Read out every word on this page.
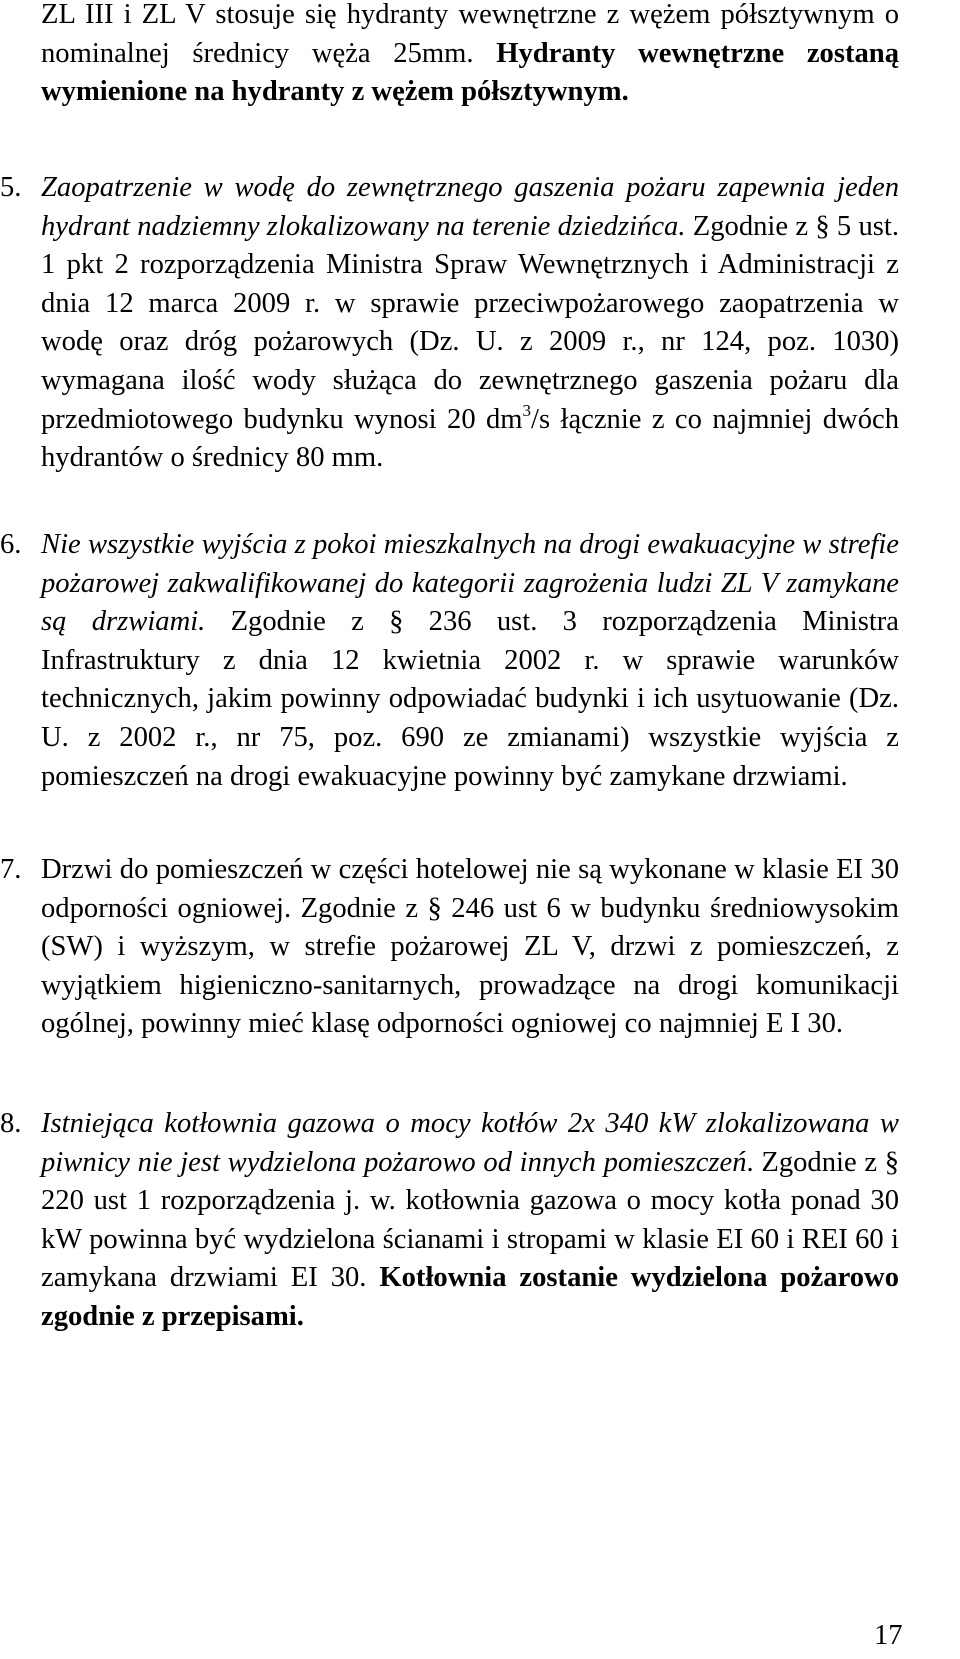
ZL III i ZL V stosuje się hydranty wewnętrzne z wężem półsztywnym o nominalnej średnicy węża 25mm. Hydranty wewnętrzne zostaną wymienione na hydranty z wężem półsztywnym.

5. Zaopatrzenie w wodę do zewnętrznego gaszenia pożaru zapewnia jeden hydrant nadziemny zlokalizowany na terenie dziedzińca. Zgodnie z § 5 ust. 1 pkt 2 rozporządzenia Ministra Spraw Wewnętrznych i Administracji z dnia 12 marca 2009 r. w sprawie przeciwpożarowego zaopatrzenia w wodę oraz dróg pożarowych (Dz. U. z 2009 r., nr 124, poz. 1030) wymagana ilość wody służąca do zewnętrznego gaszenia pożaru dla przedmiotowego budynku wynosi 20 $dm^3/s$ łącznie z co najmniej dwóch hydrantów o średnicy 80 mm.

6. Nie wszystkie wyjścia z pokoi mieszkalnych na drogi ewakuacyjne w strefie pożarowej zakwalifikowanej do kategorii zagrożenia ludzi ZL V zamykane są drzwiami. Zgodnie z § 236 ust. 3 rozporządzenia Ministra Infrastruktury z dnia 12 kwietnia 2002 r. w sprawie warunków technicznych, jakim powinny odpowiadać budynki i ich usytuowanie (Dz. U. z 2002 r., nr 75, poz. 690 ze zmianami) wszystkie wyjścia z pomieszczeń na drogi ewakuacyjne powinny być zamykane drzwiami.

7. Drzwi do pomieszczeń w części hotelowej nie są wykonane w klasie EI 30 odporności ogniowej. Zgodnie z § 246 ust 6 w budynku średniowysokim (SW) i wyższym, w strefie pożarowej ZL V, drzwi z pomieszczeń, z wyjątkiem higieniczno-sanitarnych, prowadzące na drogi komunikacji ogólnej, powinny mieć klasę odporności ogniowej co najmniej E I 30.

8. Istniejąca kotłownia gazowa o mocy kotłów 2x 340 kW zlokalizowana w piwnicy nie jest wydzielona pożarowo od innych pomieszczeń. Zgodnie z § 220 ust 1 rozporządzenia j. w. kotłownia gazowa o mocy kotła ponad 30 kW powinna być wydzielona ścianami i stropami w klasie EI 60 i REI 60 i zamykana drzwiami EI 30. Kotłownia zostanie wydzielona pożarowo zgodnie z przepisami.

17
